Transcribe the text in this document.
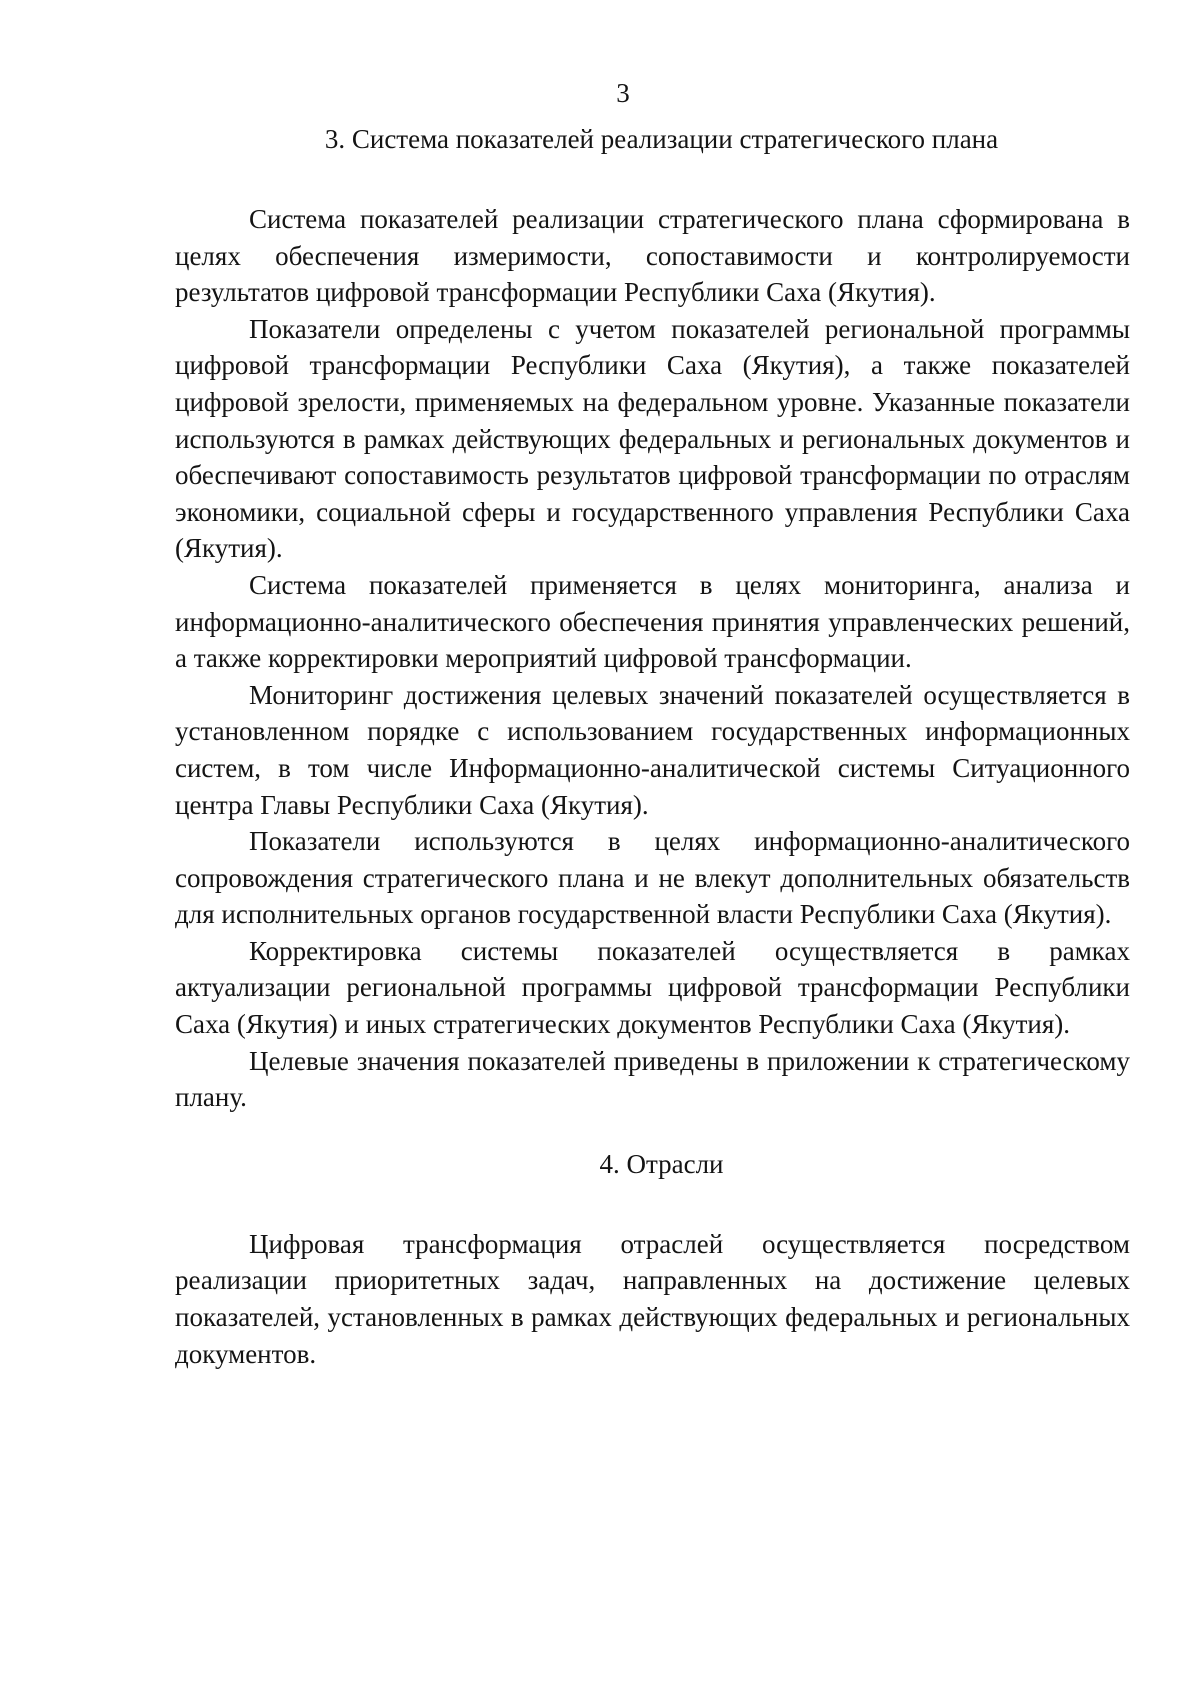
3

3. Система показателей реализации стратегического плана

Система показателей реализации стратегического плана сформирована в целях обеспечения измеримости, сопоставимости и контролируемости результатов цифровой трансформации Республики Саха (Якутия).

Показатели определены с учетом показателей региональной программы цифровой трансформации Республики Саха (Якутия), а также показателей цифровой зрелости, применяемых на федеральном уровне. Указанные показатели используются в рамках действующих федеральных и региональных документов и обеспечивают сопоставимость результатов цифровой трансформации по отраслям экономики, социальной сферы и государственного управления Республики Саха (Якутия).

Система показателей применяется в целях мониторинга, анализа и информационно-аналитического обеспечения принятия управленческих решений, а также корректировки мероприятий цифровой трансформации.

Мониторинг достижения целевых значений показателей осуществляется в установленном порядке с использованием государственных информационных систем, в том числе Информационно-аналитической системы Ситуационного центра Главы Республики Саха (Якутия).

Показатели используются в целях информационно-аналитического сопровождения стратегического плана и не влекут дополнительных обязательств для исполнительных органов государственной власти Республики Саха (Якутия).

Корректировка системы показателей осуществляется в рамках актуализации региональной программы цифровой трансформации Республики Саха (Якутия) и иных стратегических документов Республики Саха (Якутия).

Целевые значения показателей приведены в приложении к стратегическому плану.

4. Отрасли

Цифровая трансформация отраслей осуществляется посредством реализации приоритетных задач, направленных на достижение целевых показателей, установленных в рамках действующих федеральных и региональных документов.
